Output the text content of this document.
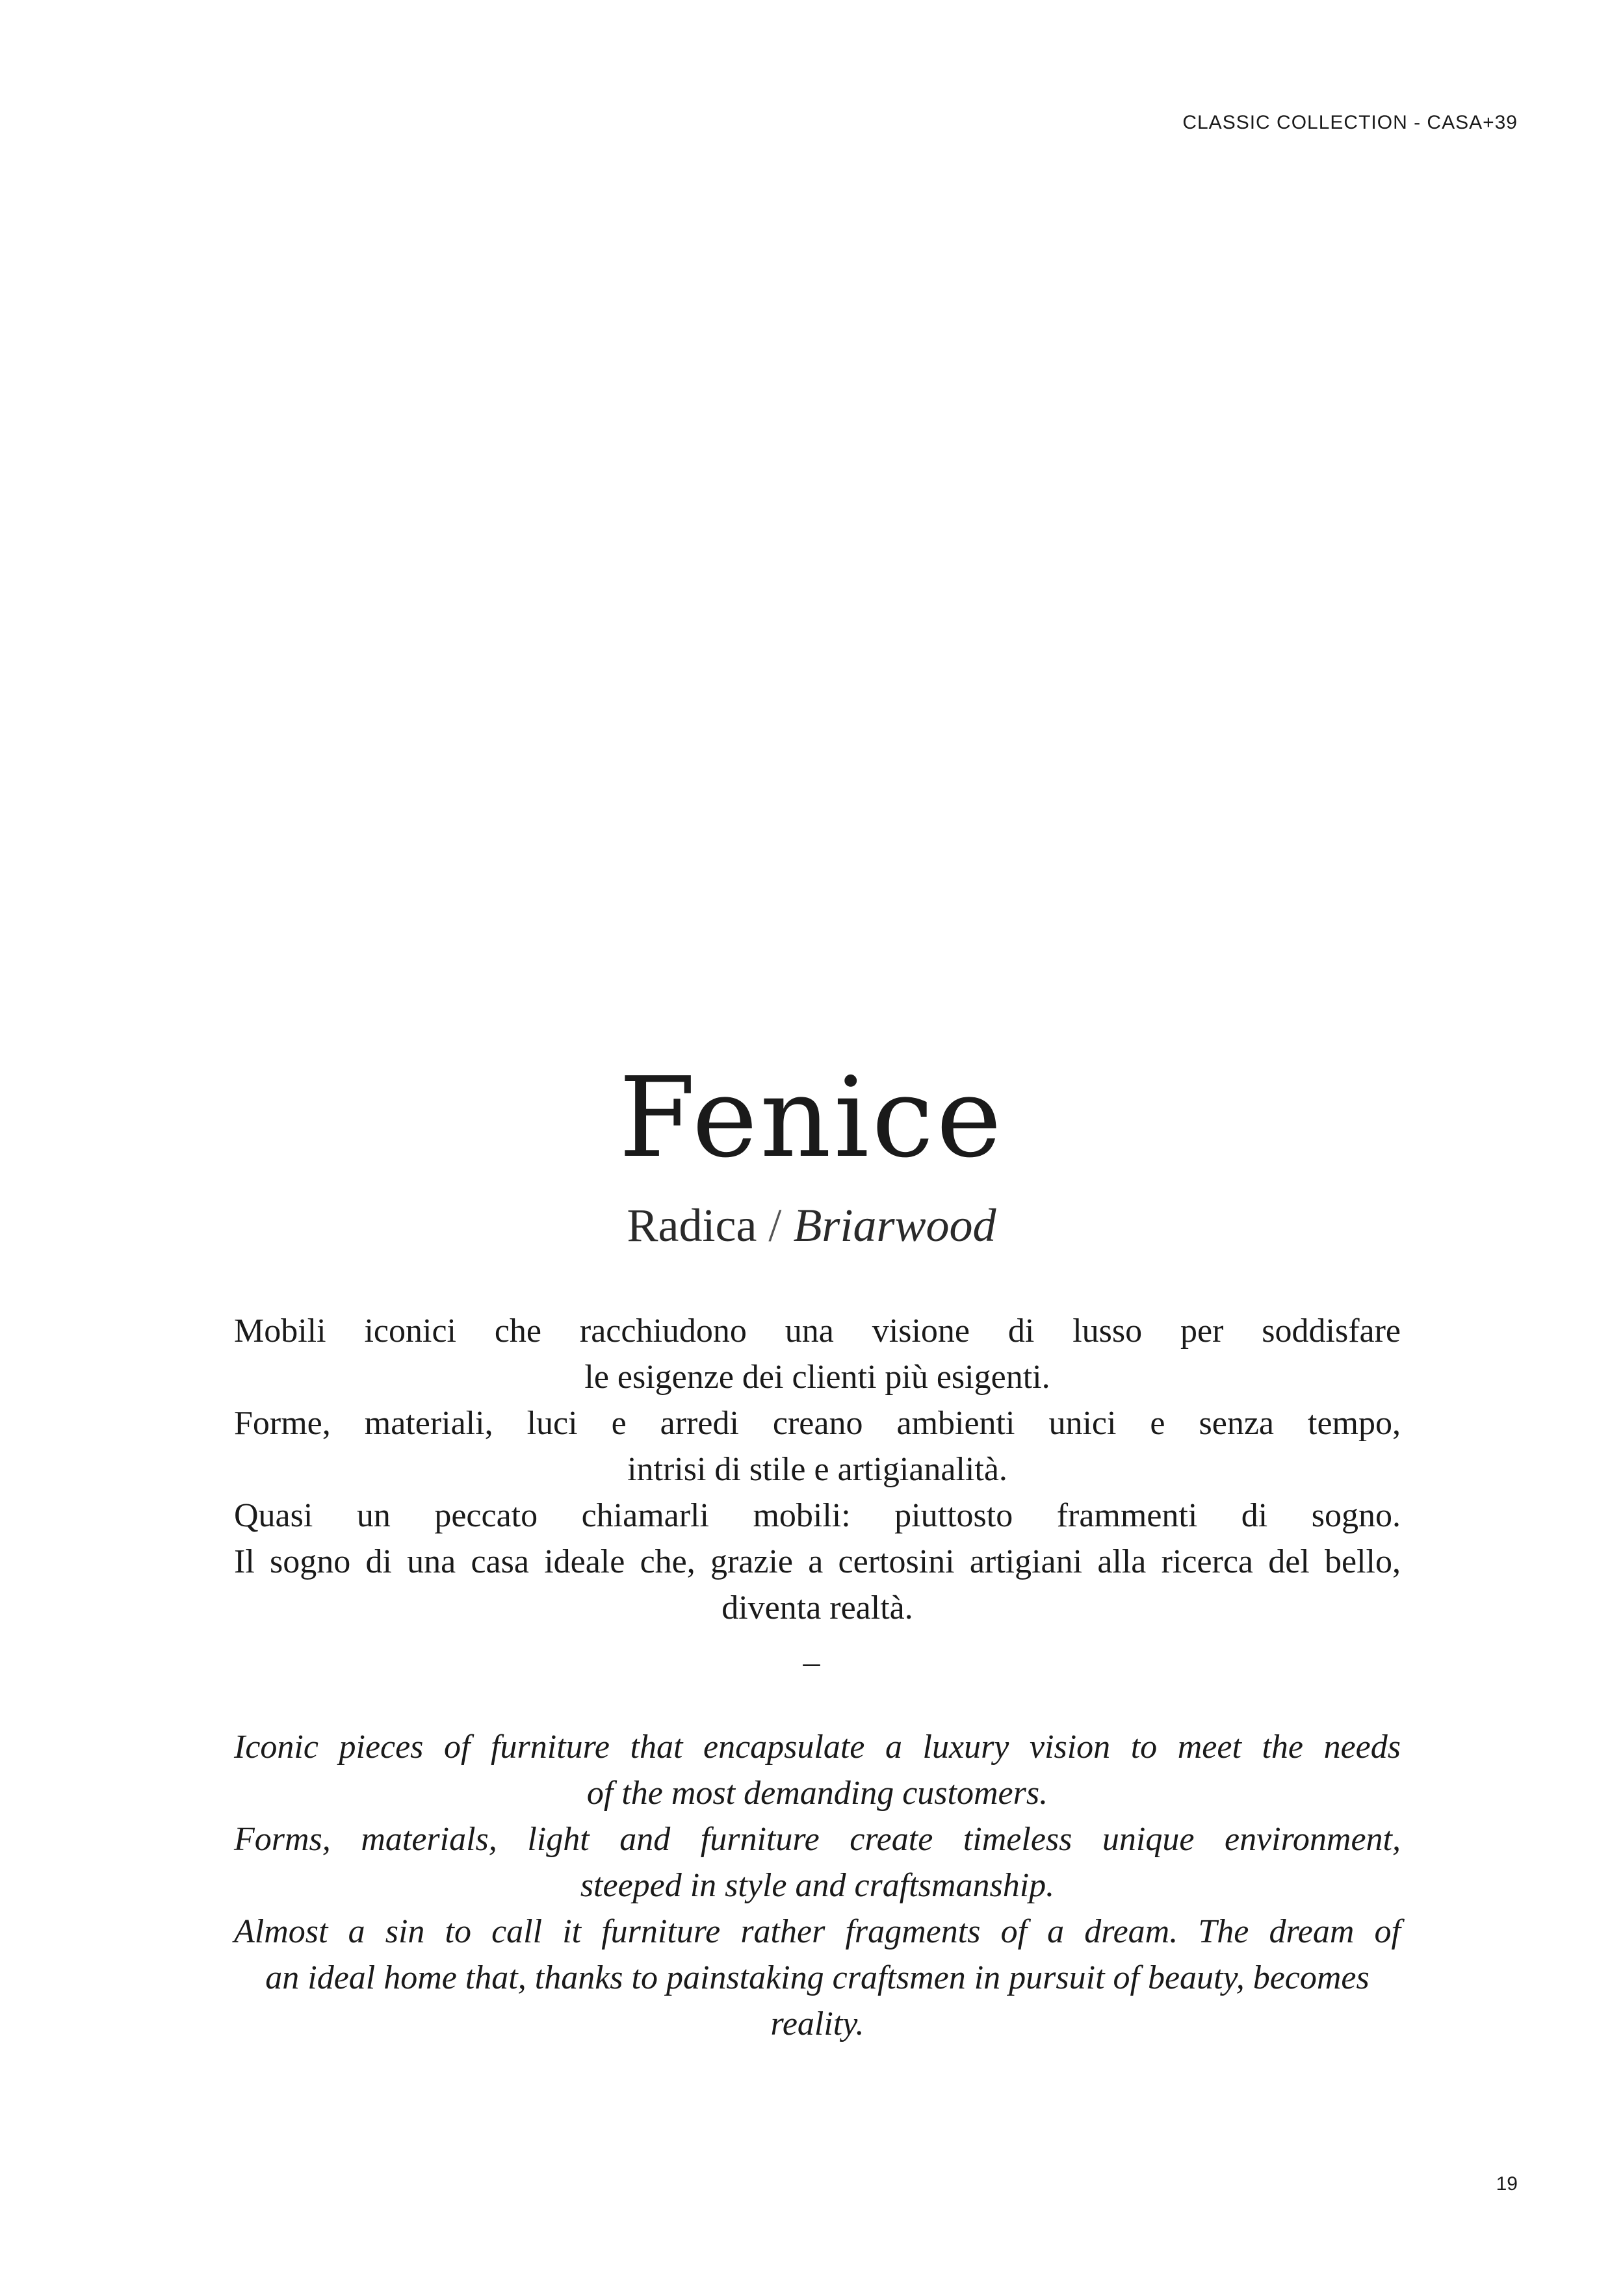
CLASSIC COLLECTION - CASA+39
Fenice
Radica / Briarwood

Mobili iconici che racchiudono una visione di lusso per soddisfare

le esigenze dei clienti più esigenti.

Forme, materiali, luci e arredi creano ambienti unici e senza tempo,

intrisi di stile e artigianalità.

Quasi un peccato chiamarli mobili: piuttosto frammenti di sogno.

Il sogno di una casa ideale che, grazie a certosini artigiani alla ricerca del bello,

diventa realtà.

–

Iconic pieces of furniture that encapsulate a luxury vision to meet the needs

of the most demanding customers.

Forms, materials, light and furniture create timeless unique environment,

steeped in style and craftsmanship.

Almost a sin to call it furniture rather fragments of a dream. The dream of

an ideal home that, thanks to painstaking craftsmen in pursuit of beauty, becomes reality.

19
